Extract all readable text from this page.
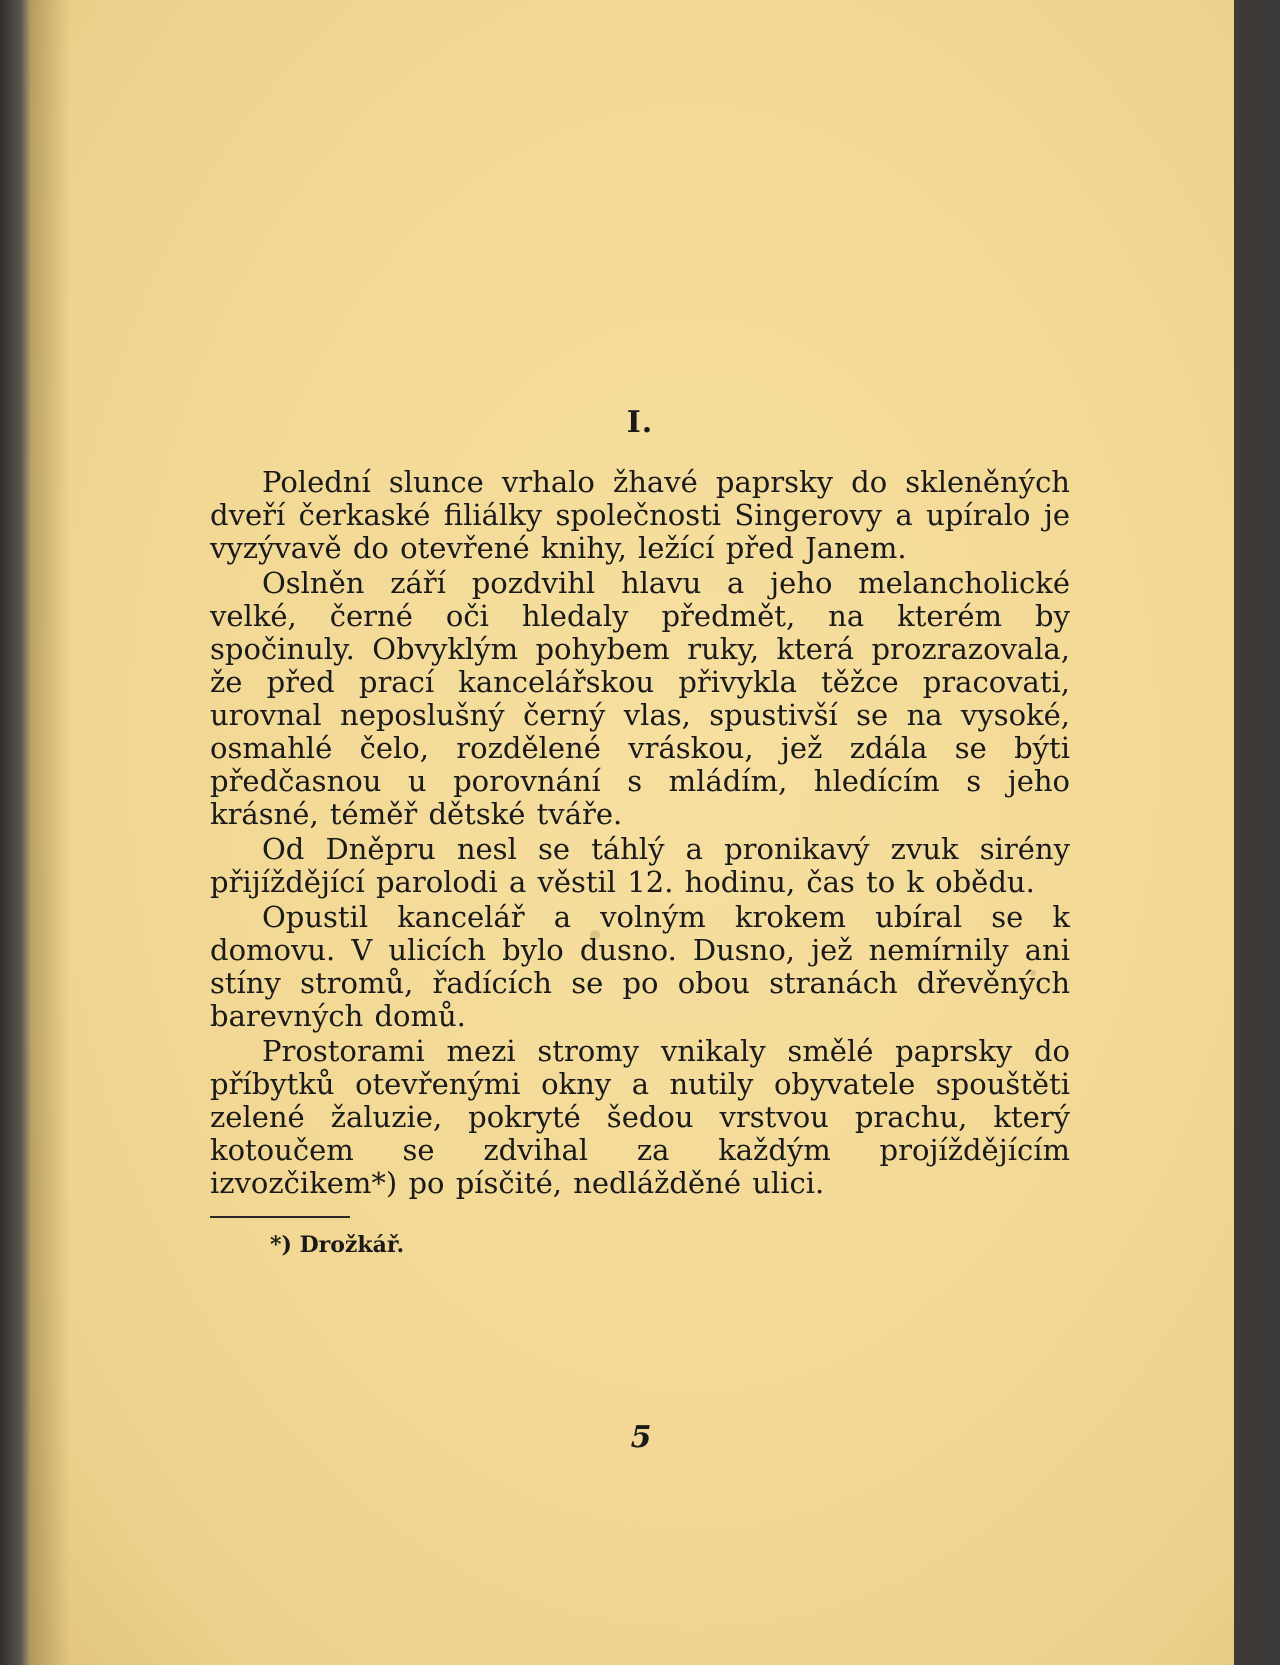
I.

Polední slunce vrhalo žhavé paprsky do skleněných dveří čerkaské filiálky společnosti Singerovy a upíralo je vyzývavě do otevřené knihy, ležící před Janem.

Oslněn září pozdvihl hlavu a jeho melancholické velké, černé oči hledaly předmět, na kterém by spočinuly. Obvyklým pohybem ruky, která prozrazovala, že před prací kancelářskou přivykla těžce pracovati, urovnal neposlušný černý vlas, spustivší se na vysoké, osmahlé čelo, rozdělené vráskou, jež zdála se býti předčasnou u porovnání s mládím, hledícím s jeho krásné, téměř dětské tváře.

Od Dněpru nesl se táhlý a pronikavý zvuk sirény přijíždějící parolodi a věstil 12. hodinu, čas to k obědu.

Opustil kancelář a volným krokem ubíral se k domovu. V ulicích bylo dusno. Dusno, jež nemírnily ani stíny stromů, řadících se po obou stranách dřevěných barevných domů.

Prostorami mezi stromy vnikaly smělé paprsky do příbytků otevřenými okny a nutily obyvatele spouštěti zelené žaluzie, pokryté šedou vrstvou prachu, který kotoučem se zdvihal za každým projíždějícím izvozčikem*) po písčité, nedlážděné ulici.

*) Drožkář.
5
